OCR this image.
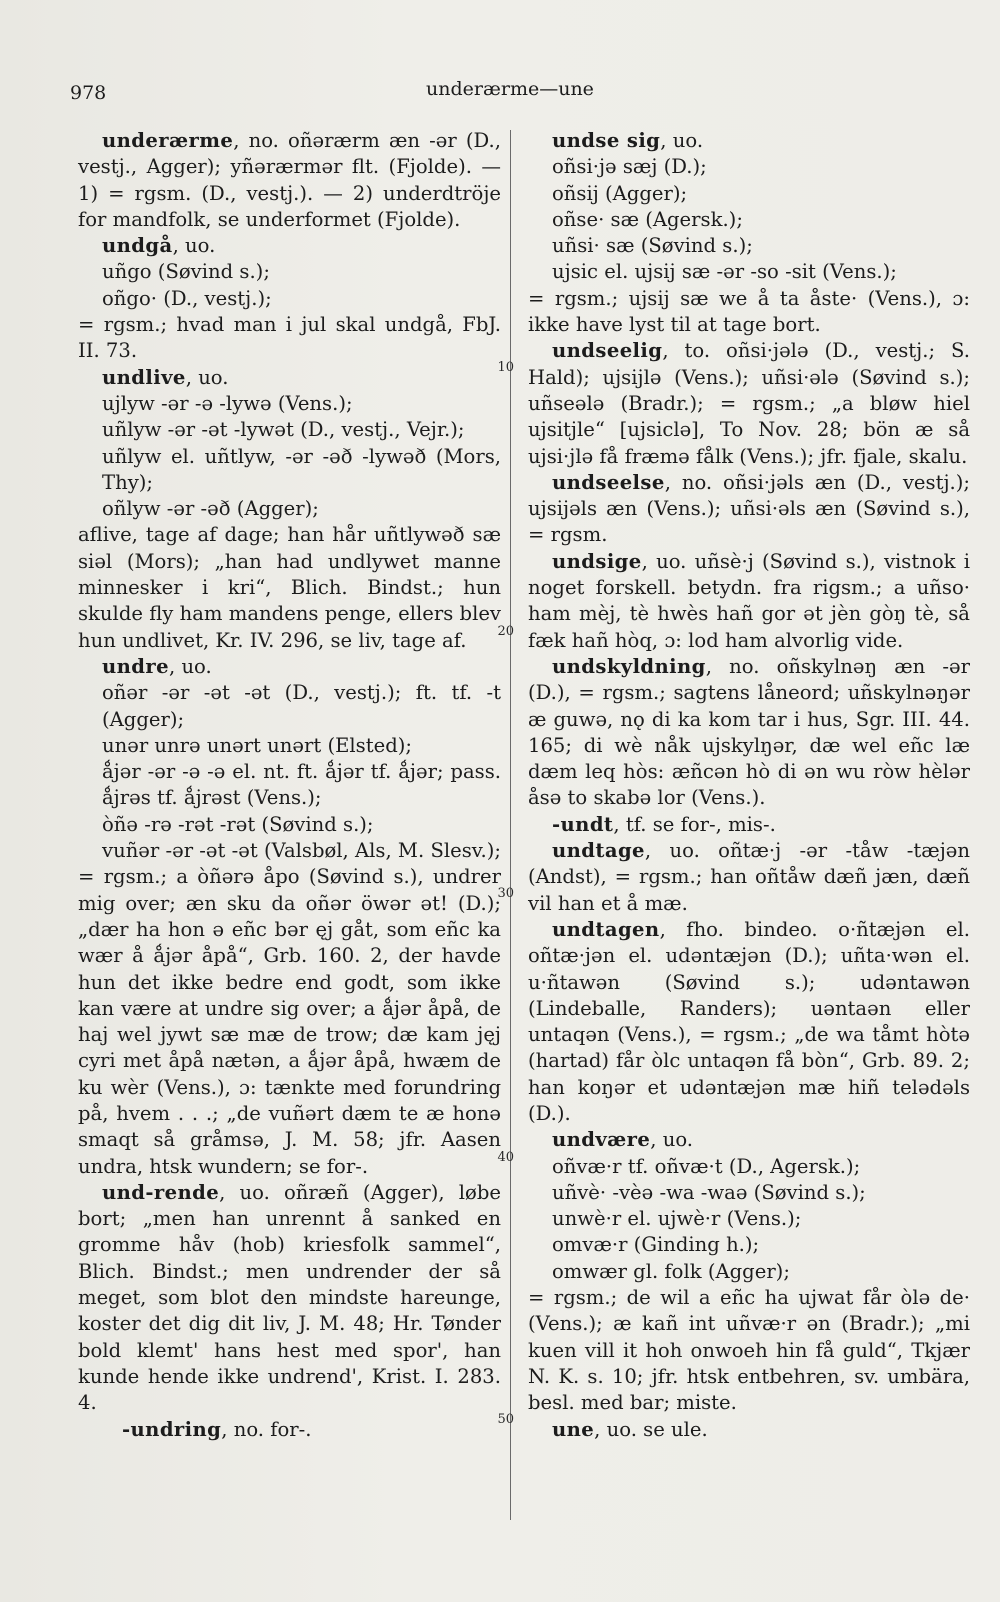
978	underærme—une
10
20
30
40
50

underærme, no. oñərærm æn -ər (D., vestj., Agger); yñərærmər flt. (Fjolde). — 1) = rgsm. (D., vestj.). — 2) underdtröje for mandfolk, se underformet (Fjolde).

undgå, uo.

uñgo (Søvind s.);

oñgo· (D., vestj.);

= rgsm.; hvad man i jul skal undgå, FbJ. II. 73.

undlive, uo.

ujlyw -ər -ə -lywə (Vens.);

uñlyw -ər -ət -lywət (D., vestj., Vejr.);

uñlyw el. uñtlyw, -ər -əð -lywəð (Mors, Thy);

oñlyw -ər -əð (Agger);

aflive, tage af dage; han hår uñtlywəð sæ siəl (Mors); „han had undlywet manne minnesker i kri“, Blich. Bindst.; hun skulde fly ham mandens penge, ellers blev hun undlivet, Kr. IV. 296, se liv, tage af.

undre, uo.

oñər -ər -ət -ət (D., vestj.); ft. tf. -t (Agger);

unər unrə unərt unərt (Elsted);

ǻjər -ər -ə -ə el. nt. ft. ǻjər tf. ǻjər; pass. ǻjrəs tf. ǻjrəst (Vens.);

òñə -rə -rət -rət (Søvind s.);

vuñər -ər -ət -ət (Valsbøl, Als, M. Slesv.);

= rgsm.; a òñərə åpo (Søvind s.), undrer mig over; æn sku da oñər öwər ət! (D.); „dær ha hon ə eñc bər ęj gåt, som eñc ka wær å ǻjər åpå“, Grb. 160. 2, der havde hun det ikke bedre end godt, som ikke kan være at undre sig over; a ǻjər åpå, de haj wel jywt sæ mæ de trow; dæ kam jęj cyri met åpå nætən, a ǻjər åpå, hwæm de ku wèr (Vens.), ɔ: tænkte med forundring på, hvem . . .; „de vuñərt dæm te æ honə smaqt så gråmsə, J. M. 58; jfr. Aasen undra, htsk wundern; se for-.

und-rende, uo. oñræñ (Agger), løbe bort; „men han unrennt å sanked en gromme håv (hob) kriesfolk sammel“, Blich. Bindst.; men undrender der så meget, som blot den mindste hareunge, koster det dig dit liv, J. M. 48; Hr. Tønder bold klemt' hans hest med spor', han kunde hende ikke undrend', Krist. I. 283. 4.

-undring, no. for-.

undse sig, uo.

oñsi·jə sæj (D.);

oñsij (Agger);

oñse· sæ (Agersk.);

uñsi· sæ (Søvind s.);

ujsic el. ujsij sæ -ər -so -sit (Vens.);

= rgsm.; ujsij sæ we å ta åste· (Vens.), ɔ: ikke have lyst til at tage bort.

undseelig, to. oñsi·jələ (D., vestj.; S. Hald); ujsijlə (Vens.); uñsi·ələ (Søvind s.); uñseələ (Bradr.); = rgsm.; „a bløw hiel ujsitjle“ [ujsiclə], To Nov. 28; bön æ så ujsi·jlə få fræmə fålk (Vens.); jfr. fjale, skalu.

undseelse, no. oñsi·jəls æn (D., vestj.); ujsijəls æn (Vens.); uñsi·əls æn (Søvind s.), = rgsm.

undsige, uo. uñsè·j (Søvind s.), vistnok i noget forskell. betydn. fra rigsm.; a uñso· ham mèj, tè hwès hañ gor ət jèn gòŋ tè, så fæk hañ hòq, ɔ: lod ham alvorlig vide.

undskyldning, no. oñskylnəŋ æn -ər (D.), = rgsm.; sagtens låneord; uñskylnəŋər æ guwə, nǫ di ka kom tar i hus, Sgr. III. 44. 165; di wè nåk ujskylŋər, dæ wel eñc læ dæm leq hòs: æñcən hò di ən wu ròw hèlər åsə to skabə lor (Vens.).

-undt, tf. se for-, mis-.

undtage, uo. oñtæ·j -ər -tåw -tæjən (Andst), = rgsm.; han oñtåw dæñ jæn, dæñ vil han et å mæ.

undtagen, fho. bindeo. o·ñtæjən el. oñtæ·jən el. udəntæjən (D.); uñta·wən el. u·ñtawən (Søvind s.); udəntawən (Lindeballe, Randers); uəntaən eller untaqən (Vens.), = rgsm.; „de wa tåmt hòtə (hartad) får òlc untaqən få bòn“, Grb. 89. 2; han koŋər et udəntæjən mæ hiñ telədəls (D.).

undvære, uo.

oñvæ·r tf. oñvæ·t (D., Agersk.);

uñvè· -vèə -wa -waə (Søvind s.);

unwè·r el. ujwè·r (Vens.);

omvæ·r (Ginding h.);

omwær gl. folk (Agger);

= rgsm.; de wil a eñc ha ujwat får òlə de· (Vens.); æ kañ int uñvæ·r ən (Bradr.); „mi kuen vill it hoh onwoeh hin få guld“, Tkjær N. K. s. 10; jfr. htsk entbehren, sv. umbära, besl. med bar; miste.

une, uo. se ule.
